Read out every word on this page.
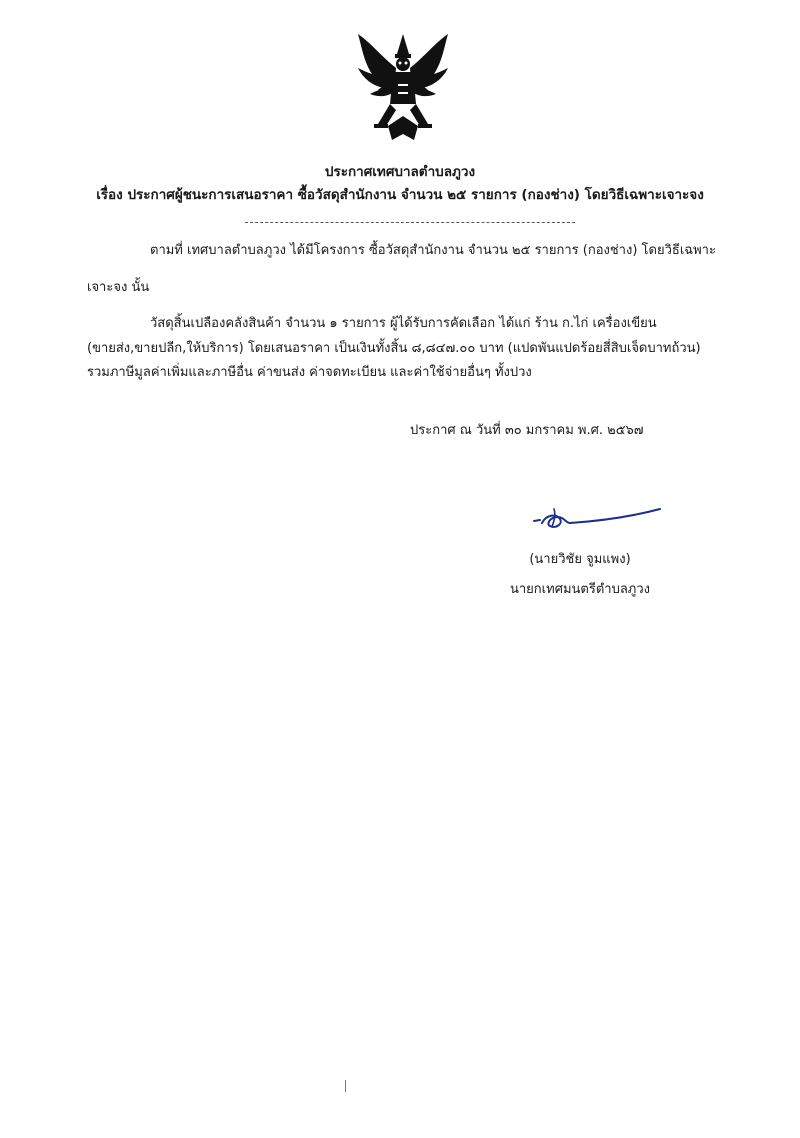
ประกาศเทศบาลตำบลภูวง
เรื่อง ประกาศผู้ชนะการเสนอราคา ซื้อวัสดุสำนักงาน จำนวน ๒๕ รายการ (กองช่าง) โดยวิธีเฉพาะเจาะจง
ตามที่ เทศบาลตำบลภูวง ได้มีโครงการ ซื้อวัสดุสำนักงาน จำนวน ๒๕ รายการ (กองช่าง) โดยวิธีเฉพาะ
เจาะจง นั้น
วัสดุสิ้นเปลืองคลังสินค้า จำนวน ๑ รายการ ผู้ได้รับการคัดเลือก ได้แก่ ร้าน ก.ไก่ เครื่องเขียน
(ขายส่ง,ขายปลีก,ให้บริการ) โดยเสนอราคา เป็นเงินทั้งสิ้น ๘,๘๔๗.๐๐ บาท (แปดพันแปดร้อยสี่สิบเจ็ดบาทถ้วน)
รวมภาษีมูลค่าเพิ่มและภาษีอื่น ค่าขนส่ง ค่าจดทะเบียน และค่าใช้จ่ายอื่นๆ ทั้งปวง
ประกาศ ณ วันที่ ๓๐ มกราคม พ.ศ. ๒๕๖๗
(นายวิชัย จูมแพง)
นายกเทศมนตรีตำบลภูวง
